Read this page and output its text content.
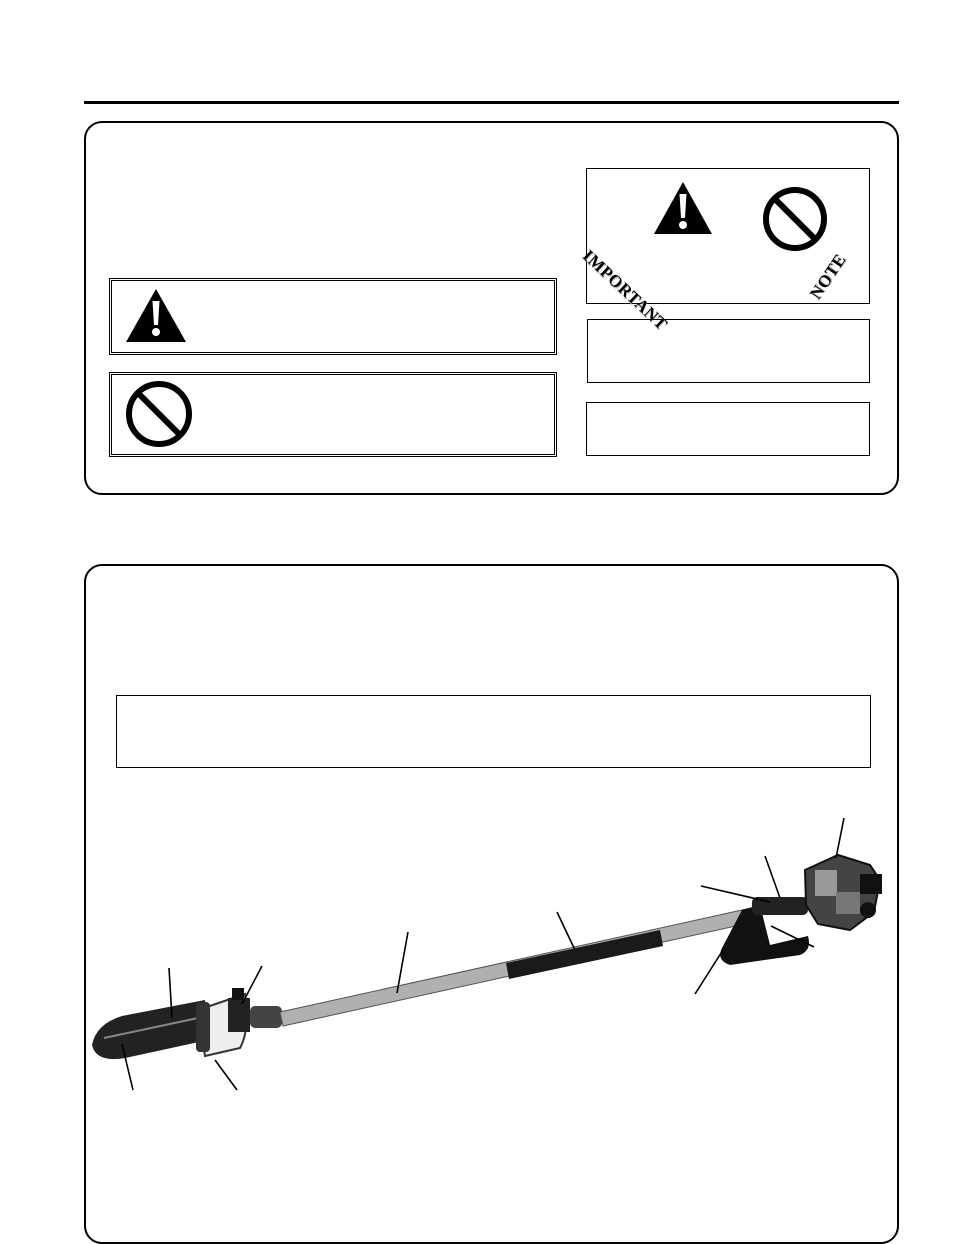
IMPORTANT	NOTE
